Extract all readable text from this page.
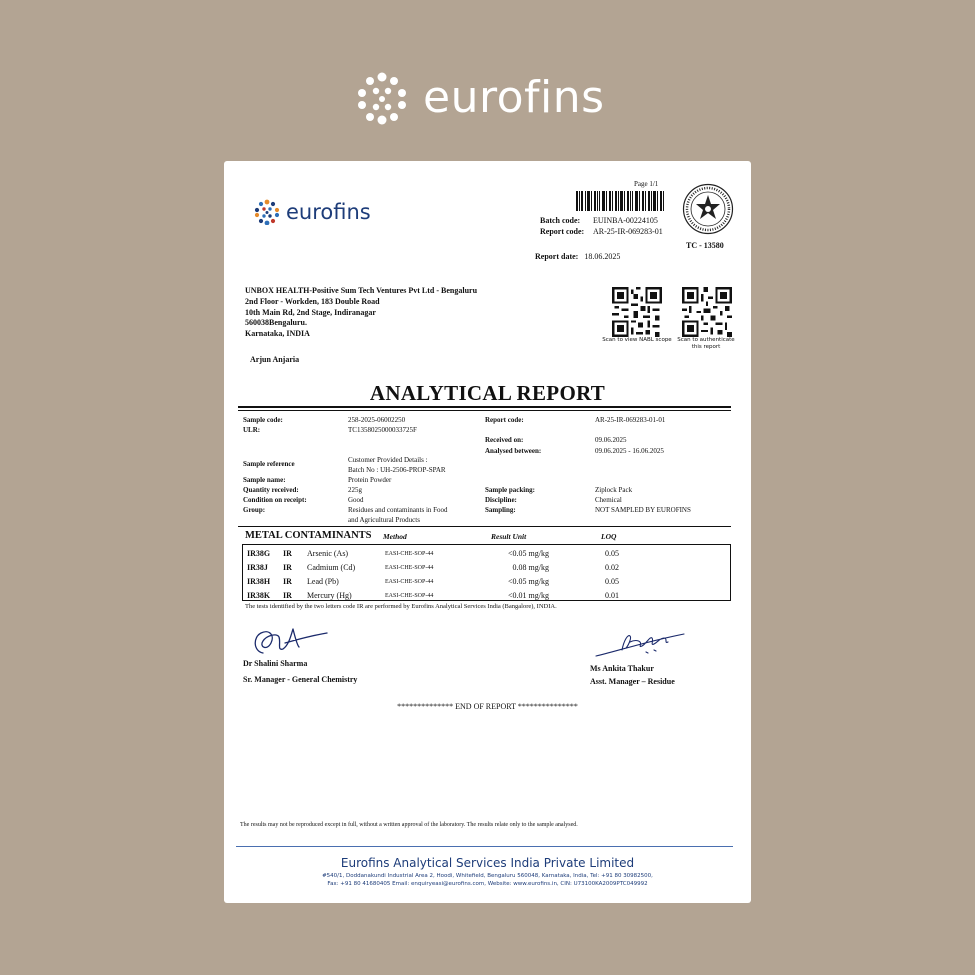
eurofins
eurofins
Page 1/1
Batch code:	EUINBA-00224105
Report code:	AR-25-IR-069283-01
Report date: 18.06.2025
TC - 13580
UNBOX HEALTH-Positive Sum Tech Ventures Pvt Ltd - Bengaluru
2nd Floor - Workden, 183 Double Road
10th Main Rd, 2nd Stage, Indiranagar
560038Bengaluru.
Karnataka, INDIA
Arjun Anjaria
Scan to view NABL scope	Scan to authenticate
this report
ANALYTICAL REPORT
Sample code:	258-2025-06002250
ULR:	TC1358025000033725F
Report code:	AR-25-IR-069283-01-01
Received on:	09.06.2025
Analysed between:	09.06.2025 - 16.06.2025
Sample reference	Customer Provided Details :
Batch No : UH-2506-PROP-SPAR
Sample name:	Protein Powder
Quantity received:	225g
Condition on receipt:	Good
Group:	Residues and contaminants in Food
and Agricultural Products
Sample packing:	Ziplock Pack
Discipline:	Chemical
Sampling:	NOT SAMPLED BY EUROFINS
METAL CONTAMINANTS Method	Result Unit	LOQ
IR38G IR Arsenic (As)	EASI-CHE-SOP-44	<0.05 mg/kg	0.05
IR38J IR Cadmium (Cd)	EASI-CHE-SOP-44	0.08 mg/kg	0.02
IR38H IR Lead (Pb)	EASI-CHE-SOP-44	<0.05 mg/kg	0.05
IR38K IR Mercury (Hg)	EASI-CHE-SOP-44	<0.01 mg/kg	0.01
The tests identified by the two letters code IR are performed by Eurofins Analytical Services India (Bangalore), INDIA.
Dr Shalini Sharma
Sr. Manager - General Chemistry
Ms Ankita Thakur
Asst. Manager – Residue
************** END OF REPORT ***************
The results may not be reproduced except in full, without a written approval of the laboratory. The results relate only to the sample analysed.
Eurofins Analytical Services India Private Limited
#540/1, Doddanakundi Industrial Area 2, Hoodi, Whitefield, Bengaluru 560048, Karnataka, India, Tel: +91 80 30982500,
Fax: +91 80 41680405 Email: enquiryeasi@eurofins.com, Website: www.eurofins.in, CIN: U73100KA2009PTC049992
